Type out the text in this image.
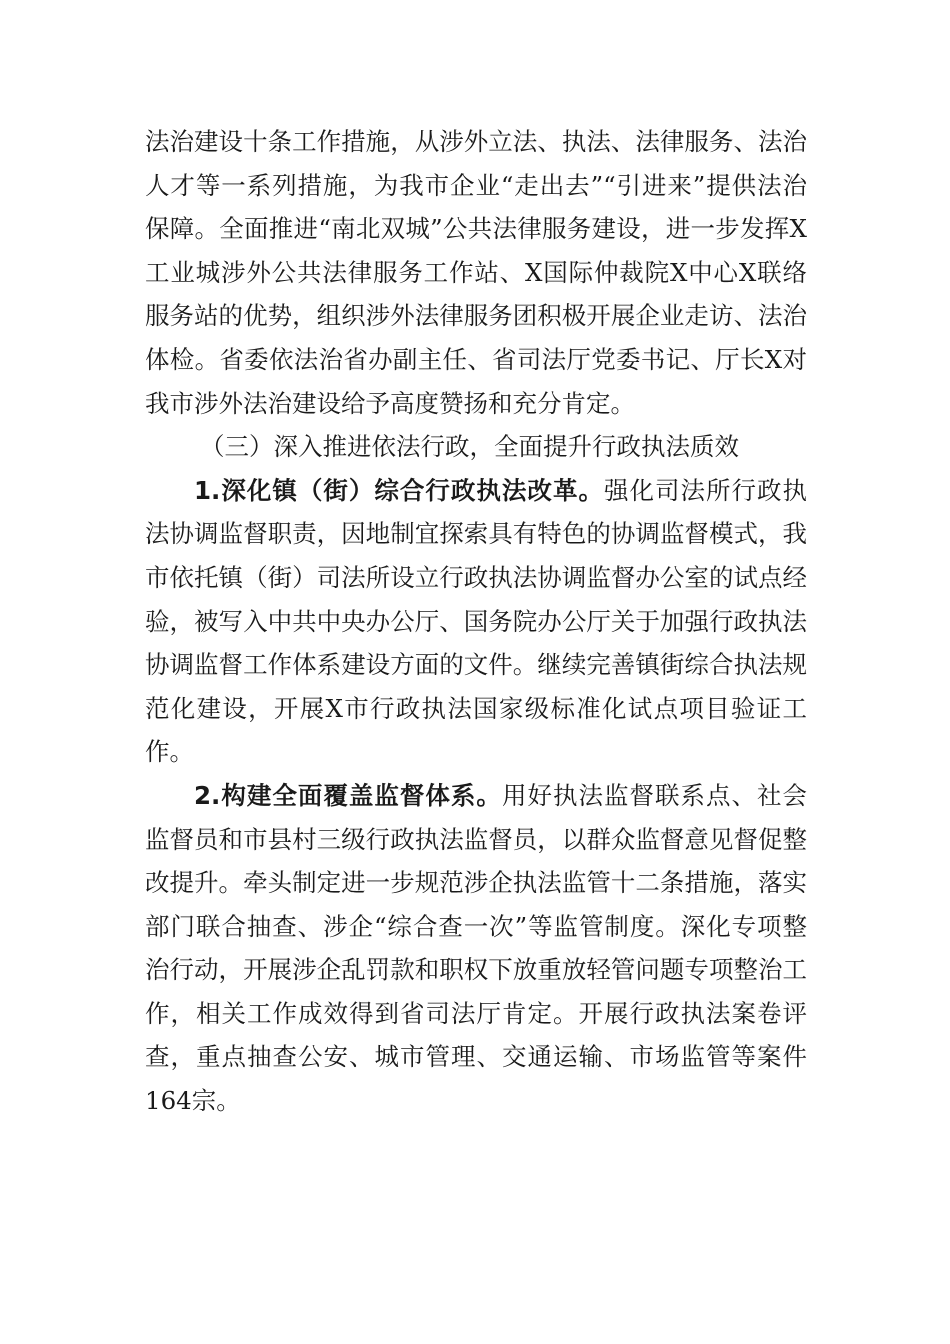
法治建设十条工作措施，从涉外立法、执法、法律服务、法治人才等一系列措施，为我市企业“走出去”“引进来”提供法治保障。全面推进“南北双城”公共法律服务建设，进一步发挥X工业城涉外公共法律服务工作站、X国际仲裁院X中心X联络服务站的优势，组织涉外法律服务团积极开展企业走访、法治体检。省委依法治省办副主任、省司法厅党委书记、厅长X对我市涉外法治建设给予高度赞扬和充分肯定。

（三）深入推进依法行政，全面提升行政执法质效

1.深化镇（街）综合行政执法改革。强化司法所行政执法协调监督职责，因地制宜探索具有特色的协调监督模式，我市依托镇（街）司法所设立行政执法协调监督办公室的试点经验，被写入中共中央办公厅、国务院办公厅关于加强行政执法协调监督工作体系建设方面的文件。继续完善镇街综合执法规范化建设，开展X市行政执法国家级标准化试点项目验证工作。

2.构建全面覆盖监督体系。用好执法监督联系点、社会监督员和市县村三级行政执法监督员，以群众监督意见督促整改提升。牵头制定进一步规范涉企执法监管十二条措施，落实部门联合抽查、涉企“综合查一次”等监管制度。深化专项整治行动，开展涉企乱罚款和职权下放重放轻管问题专项整治工作，相关工作成效得到省司法厅肯定。开展行政执法案卷评查，重点抽查公安、城市管理、交通运输、市场监管等案件164宗。
